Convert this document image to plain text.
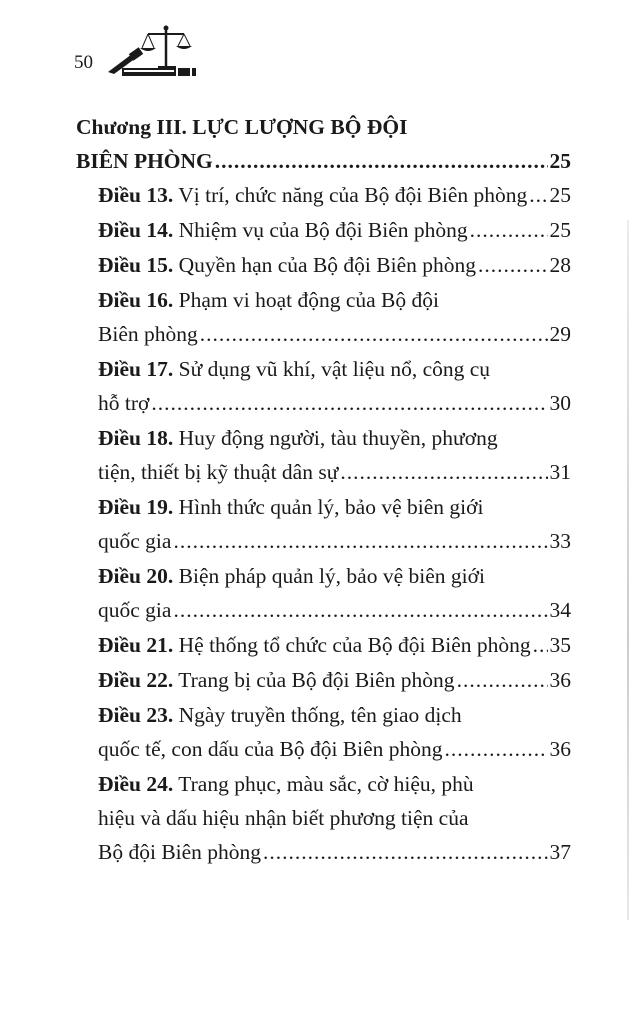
50
Chương III. LỰC LƯỢNG BỘ ĐỘI
BIÊN PHÒNG .....	25
Điều 13. Vị trí, chức năng của Bộ đội Biên phòng ..... 25
Điều 14. Nhiệm vụ của Bộ đội Biên phòng .....	25
Điều 15. Quyền hạn của Bộ đội Biên phòng .....	28
Điều 16. Phạm vi hoạt động của Bộ đội
Biên phòng .....	29
Điều 17. Sử dụng vũ khí, vật liệu nổ, công cụ
hỗ trợ .....	30
Điều 18. Huy động người, tàu thuyền, phương
tiện, thiết bị kỹ thuật dân sự .....	31
Điều 19. Hình thức quản lý, bảo vệ biên giới
quốc gia .....	33
Điều 20. Biện pháp quản lý, bảo vệ biên giới
quốc gia .....	34
Điều 21. Hệ thống tổ chức của Bộ đội Biên phòng ..... 35
Điều 22. Trang bị của Bộ đội Biên phòng .....	36
Điều 23. Ngày truyền thống, tên giao dịch
quốc tế, con dấu của Bộ đội Biên phòng .....	36
Điều 24. Trang phục, màu sắc, cờ hiệu, phù
hiệu và dấu hiệu nhận biết phương tiện của
Bộ đội Biên phòng .....	37
